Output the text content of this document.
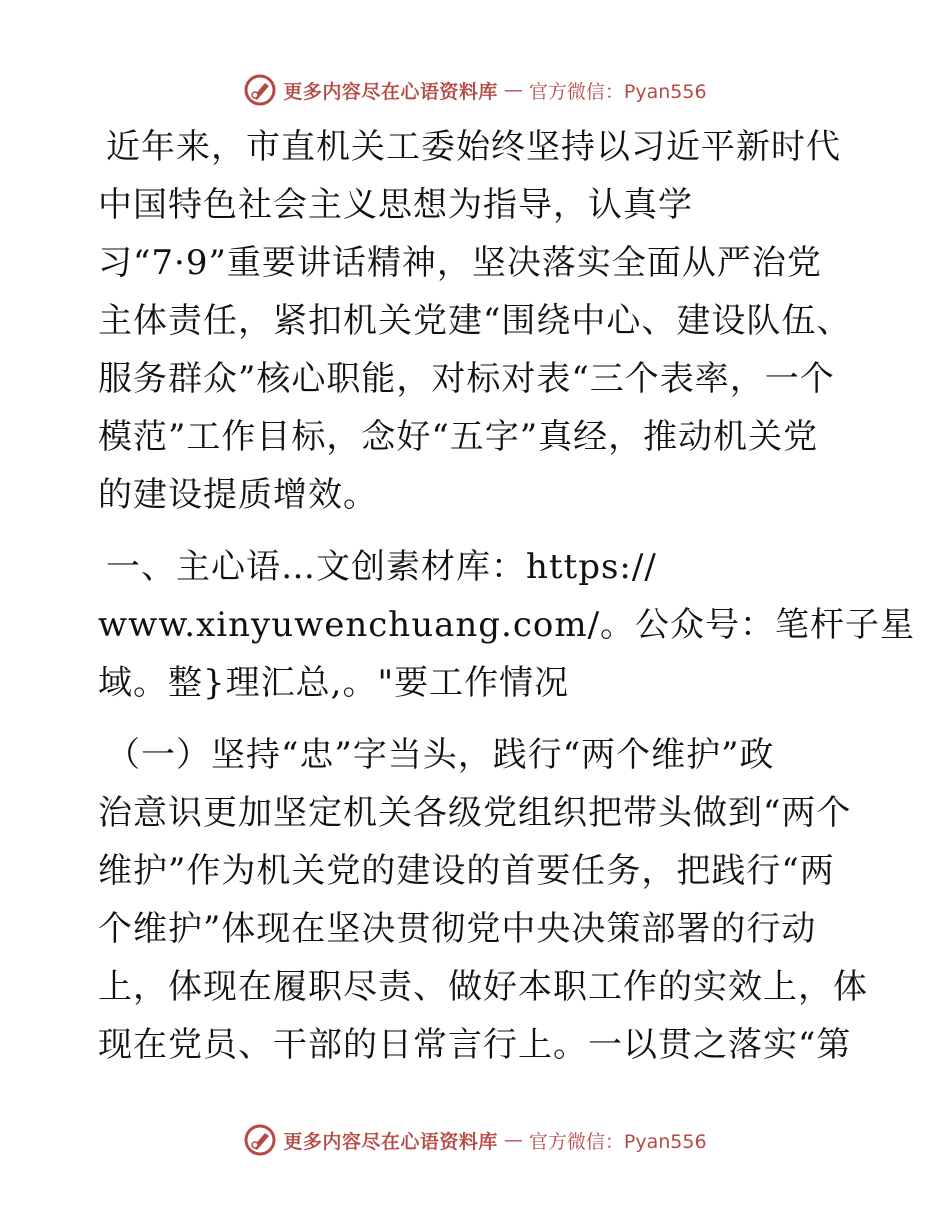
更多内容尽在心语资料库 — 官方微信：Pyan556
近年来，市直机关工委始终坚持以习近平新时代
中国特色社会主义思想为指导，认真学
习“7·9”重要讲话精神，坚决落实全面从严治党
主体责任，紧扣机关党建“围绕中心、建设队伍、
服务群众”核心职能，对标对表“三个表率，一个
模范”工作目标，念好“五字”真经，推动机关党
的建设提质增效。
一、主心语…文创素材库：https://
www.xinyuwenchuang.com/。公众号：笔杆子星
域。整}理汇总,。"要工作情况
（一）坚持“忠”字当头，践行“两个维护”政
治意识更加坚定机关各级党组织把带头做到“两个
维护”作为机关党的建设的首要任务，把践行“两
个维护”体现在坚决贯彻党中央决策部署的行动
上，体现在履职尽责、做好本职工作的实效上，体
现在党员、干部的日常言行上。一以贯之落实“第
更多内容尽在心语资料库 — 官方微信：Pyan556
